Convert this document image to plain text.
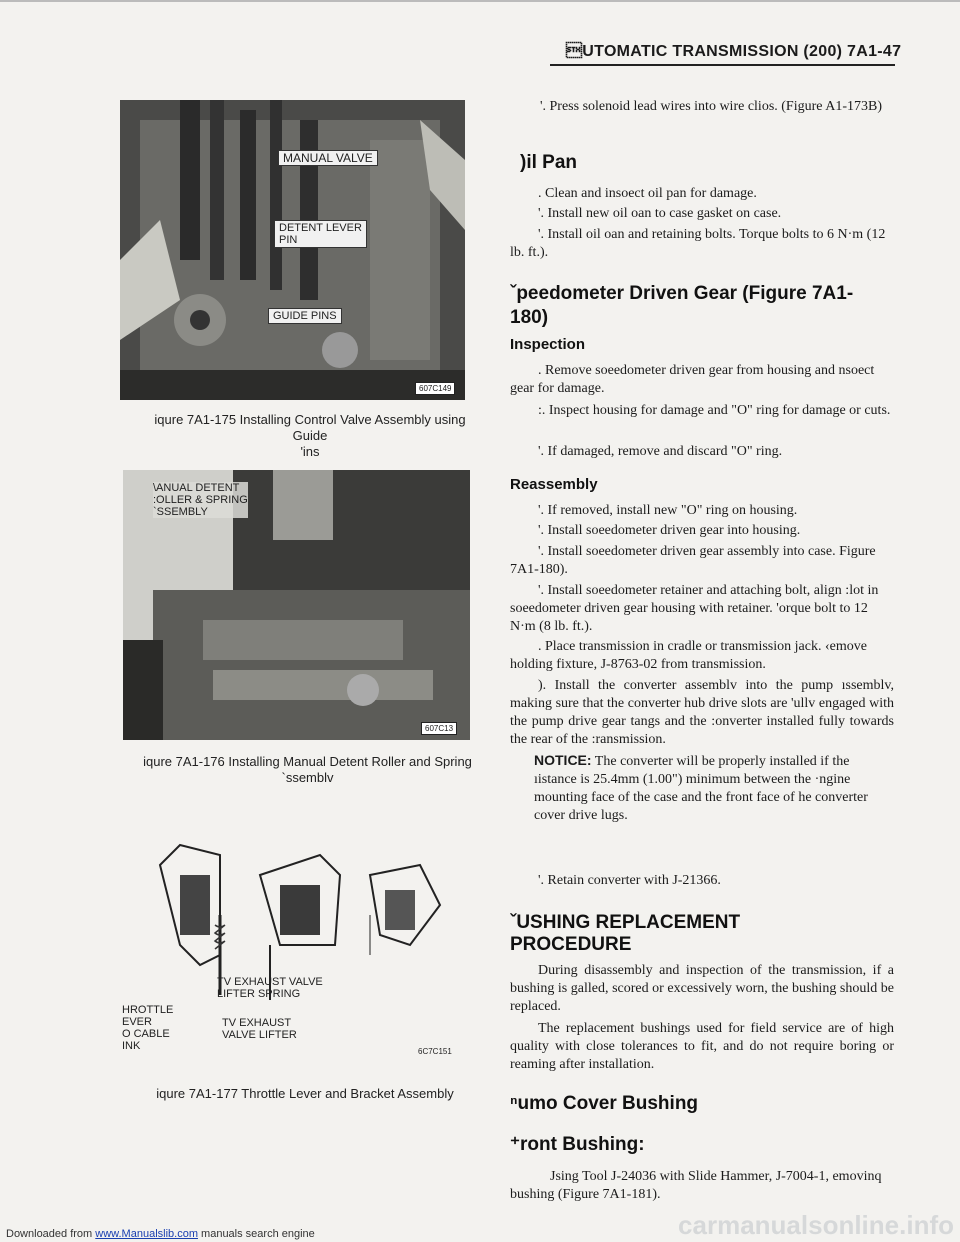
UTOMATIC TRANSMISSION (200) 7A1-47
MANUAL VALVE
DETENT LEVER
PIN
GUIDE PINS
607C149
iqure 7A1-175 Installing Control Valve Assembly using Guide
'ins
\ANUAL DETENT
:OLLER & SPRING
`SSEMBLY
607C13
iqure 7A1-176 Installing Manual Detent Roller and Spring
`ssemblv
TV EXHAUST VALVE
LIFTER SPRING
HROTTLE
EVER
O CABLE
INK
TV EXHAUST
VALVE LIFTER
6C7C151
iqure 7A1-177 Throttle Lever and Bracket Assembly
'. Press solenoid lead wires into wire clios. (Figure A1-173B)
)il Pan
. Clean and insoect oil pan for damage.
'. Install new oil oan to case gasket on case.
'. Install oil oan and retaining bolts. Torque bolts to 6 N·m (12 lb. ft.).
ˇpeedometer Driven Gear (Figure 7A1-180)
Inspection
. Remove soeedometer driven gear from housing and nsoect gear for damage.
:. Inspect housing for damage and "O" ring for damage or cuts.
'. If damaged, remove and discard "O" ring.
Reassembly
'. If removed, install new "O" ring on housing.
'. Install soeedometer driven gear into housing.
'. Install soeedometer driven gear assembly into case. Figure 7A1-180).
'. Install soeedometer retainer and attaching bolt, align :lot in soeedometer driven gear housing with retainer. 'orque bolt to 12 N·m (8 lb. ft.).
. Place transmission in cradle or transmission jack. ‹emove holding fixture, J-8763-02 from transmission.
). Install the converter assemblv into the pump ıssemblv, making sure that the converter hub drive slots are 'ullv engaged with the pump drive gear tangs and the :onverter installed fully towards the rear of the :ransmission.
NOTICE: The converter will be properly installed if the ıistance is 25.4mm (1.00") minimum between the ·ngine mounting face of the case and the front face of he converter cover drive lugs.
'. Retain converter with J-21366.
ˇUSHING REPLACEMENT PROCEDURE
During disassembly and inspection of the transmission, if a bushing is galled, scored or excessively worn, the bushing should be replaced.
The replacement bushings used for field service are of high quality with close tolerances to fit, and do not require boring or reaming after installation.
ⁿumo Cover Bushing
⁺ront Bushing:
Jsing Tool J-24036 with Slide Hammer, J-7004-1, emovinq bushing (Figure 7A1-181).
carmanualsonline.info
Downloaded from www.Manualslib.com manuals search engine
